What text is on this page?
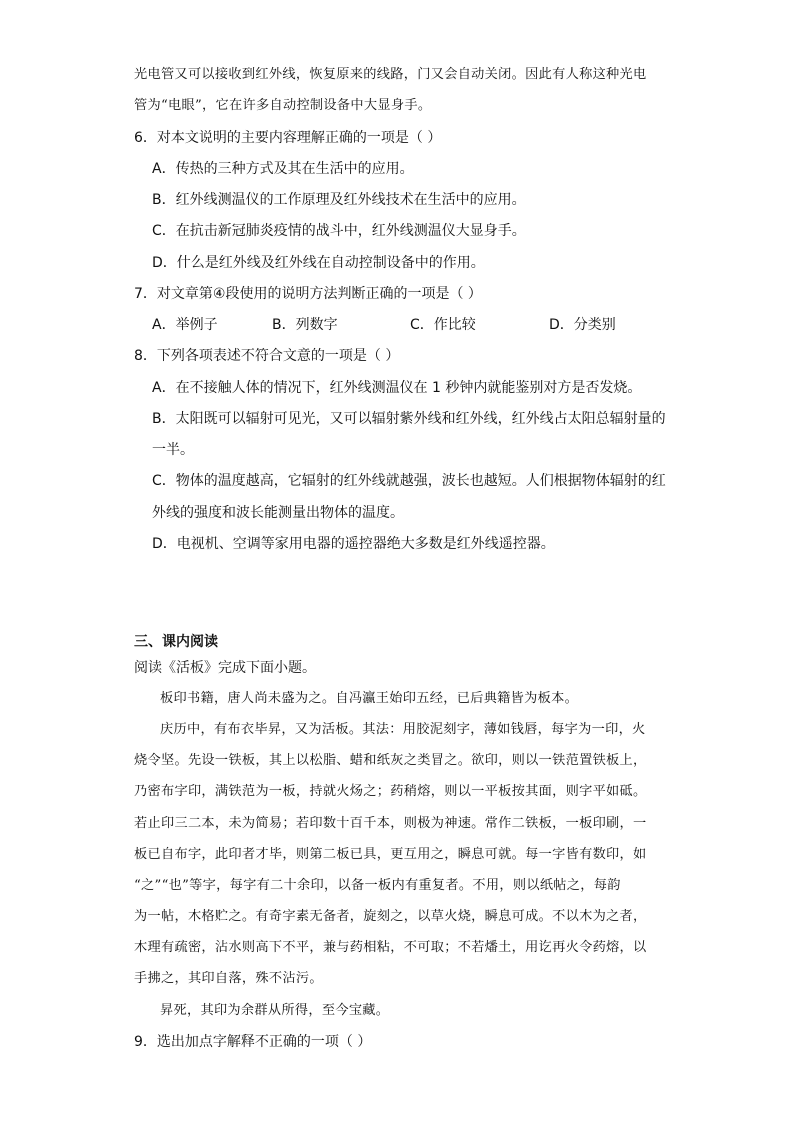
光电管又可以接收到红外线，恢复原来的线路，门又会自动关闭。因此有人称这种光电
管为“电眼”，它在许多自动控制设备中大显身手。
6．对本文说明的主要内容理解正确的一项是（ ）
A．传热的三种方式及其在生活中的应用。
B．红外线测温仪的工作原理及红外线技术在生活中的应用。
C．在抗击新冠肺炎疫情的战斗中，红外线测温仪大显身手。
D．什么是红外线及红外线在自动控制设备中的作用。
7．对文章第④段使用的说明方法判断正确的一项是（ ）
A．举例子	B．列数字	C．作比较	D．分类别
8．下列各项表述不符合文意的一项是（ ）
A．在不接触人体的情况下，红外线测温仪在 1 秒钟内就能鉴别对方是否发烧。
B．太阳既可以辐射可见光，又可以辐射紫外线和红外线，红外线占太阳总辐射量的
一半。
C．物体的温度越高，它辐射的红外线就越强，波长也越短。人们根据物体辐射的红
外线的强度和波长能测量出物体的温度。
D．电视机、空调等家用电器的遥控器绝大多数是红外线遥控器。
三、课内阅读
阅读《活板》完成下面小题。
板印书籍，唐人尚未盛为之。自冯瀛王始印五经，已后典籍皆为板本。
庆历中，有布衣毕昇，又为活板。其法：用胶泥刻字，薄如钱唇，每字为一印，火
烧令坚。先设一铁板，其上以松脂、蜡和纸灰之类冒之。欲印，则以一铁范置铁板上，
乃密布字印，满铁范为一板，持就火炀之；药稍熔，则以一平板按其面，则字平如砥。
若止印三二本，未为简易；若印数十百千本，则极为神速。常作二铁板，一板印刷，一
板已自布字，此印者才毕，则第二板已具，更互用之，瞬息可就。每一字皆有数印，如
“之”“也”等字，每字有二十余印，以备一板内有重复者。不用，则以纸帖之，每韵
为一帖，木格贮之。有奇字素无备者，旋刻之，以草火烧，瞬息可成。不以木为之者，
木理有疏密，沾水则高下不平，兼与药相粘，不可取；不若燔土，用讫再火令药熔，以
手拂之，其印自落，殊不沾污。
昇死，其印为余群从所得，至今宝藏。
9．选出加点字解释不正确的一项（ ）
